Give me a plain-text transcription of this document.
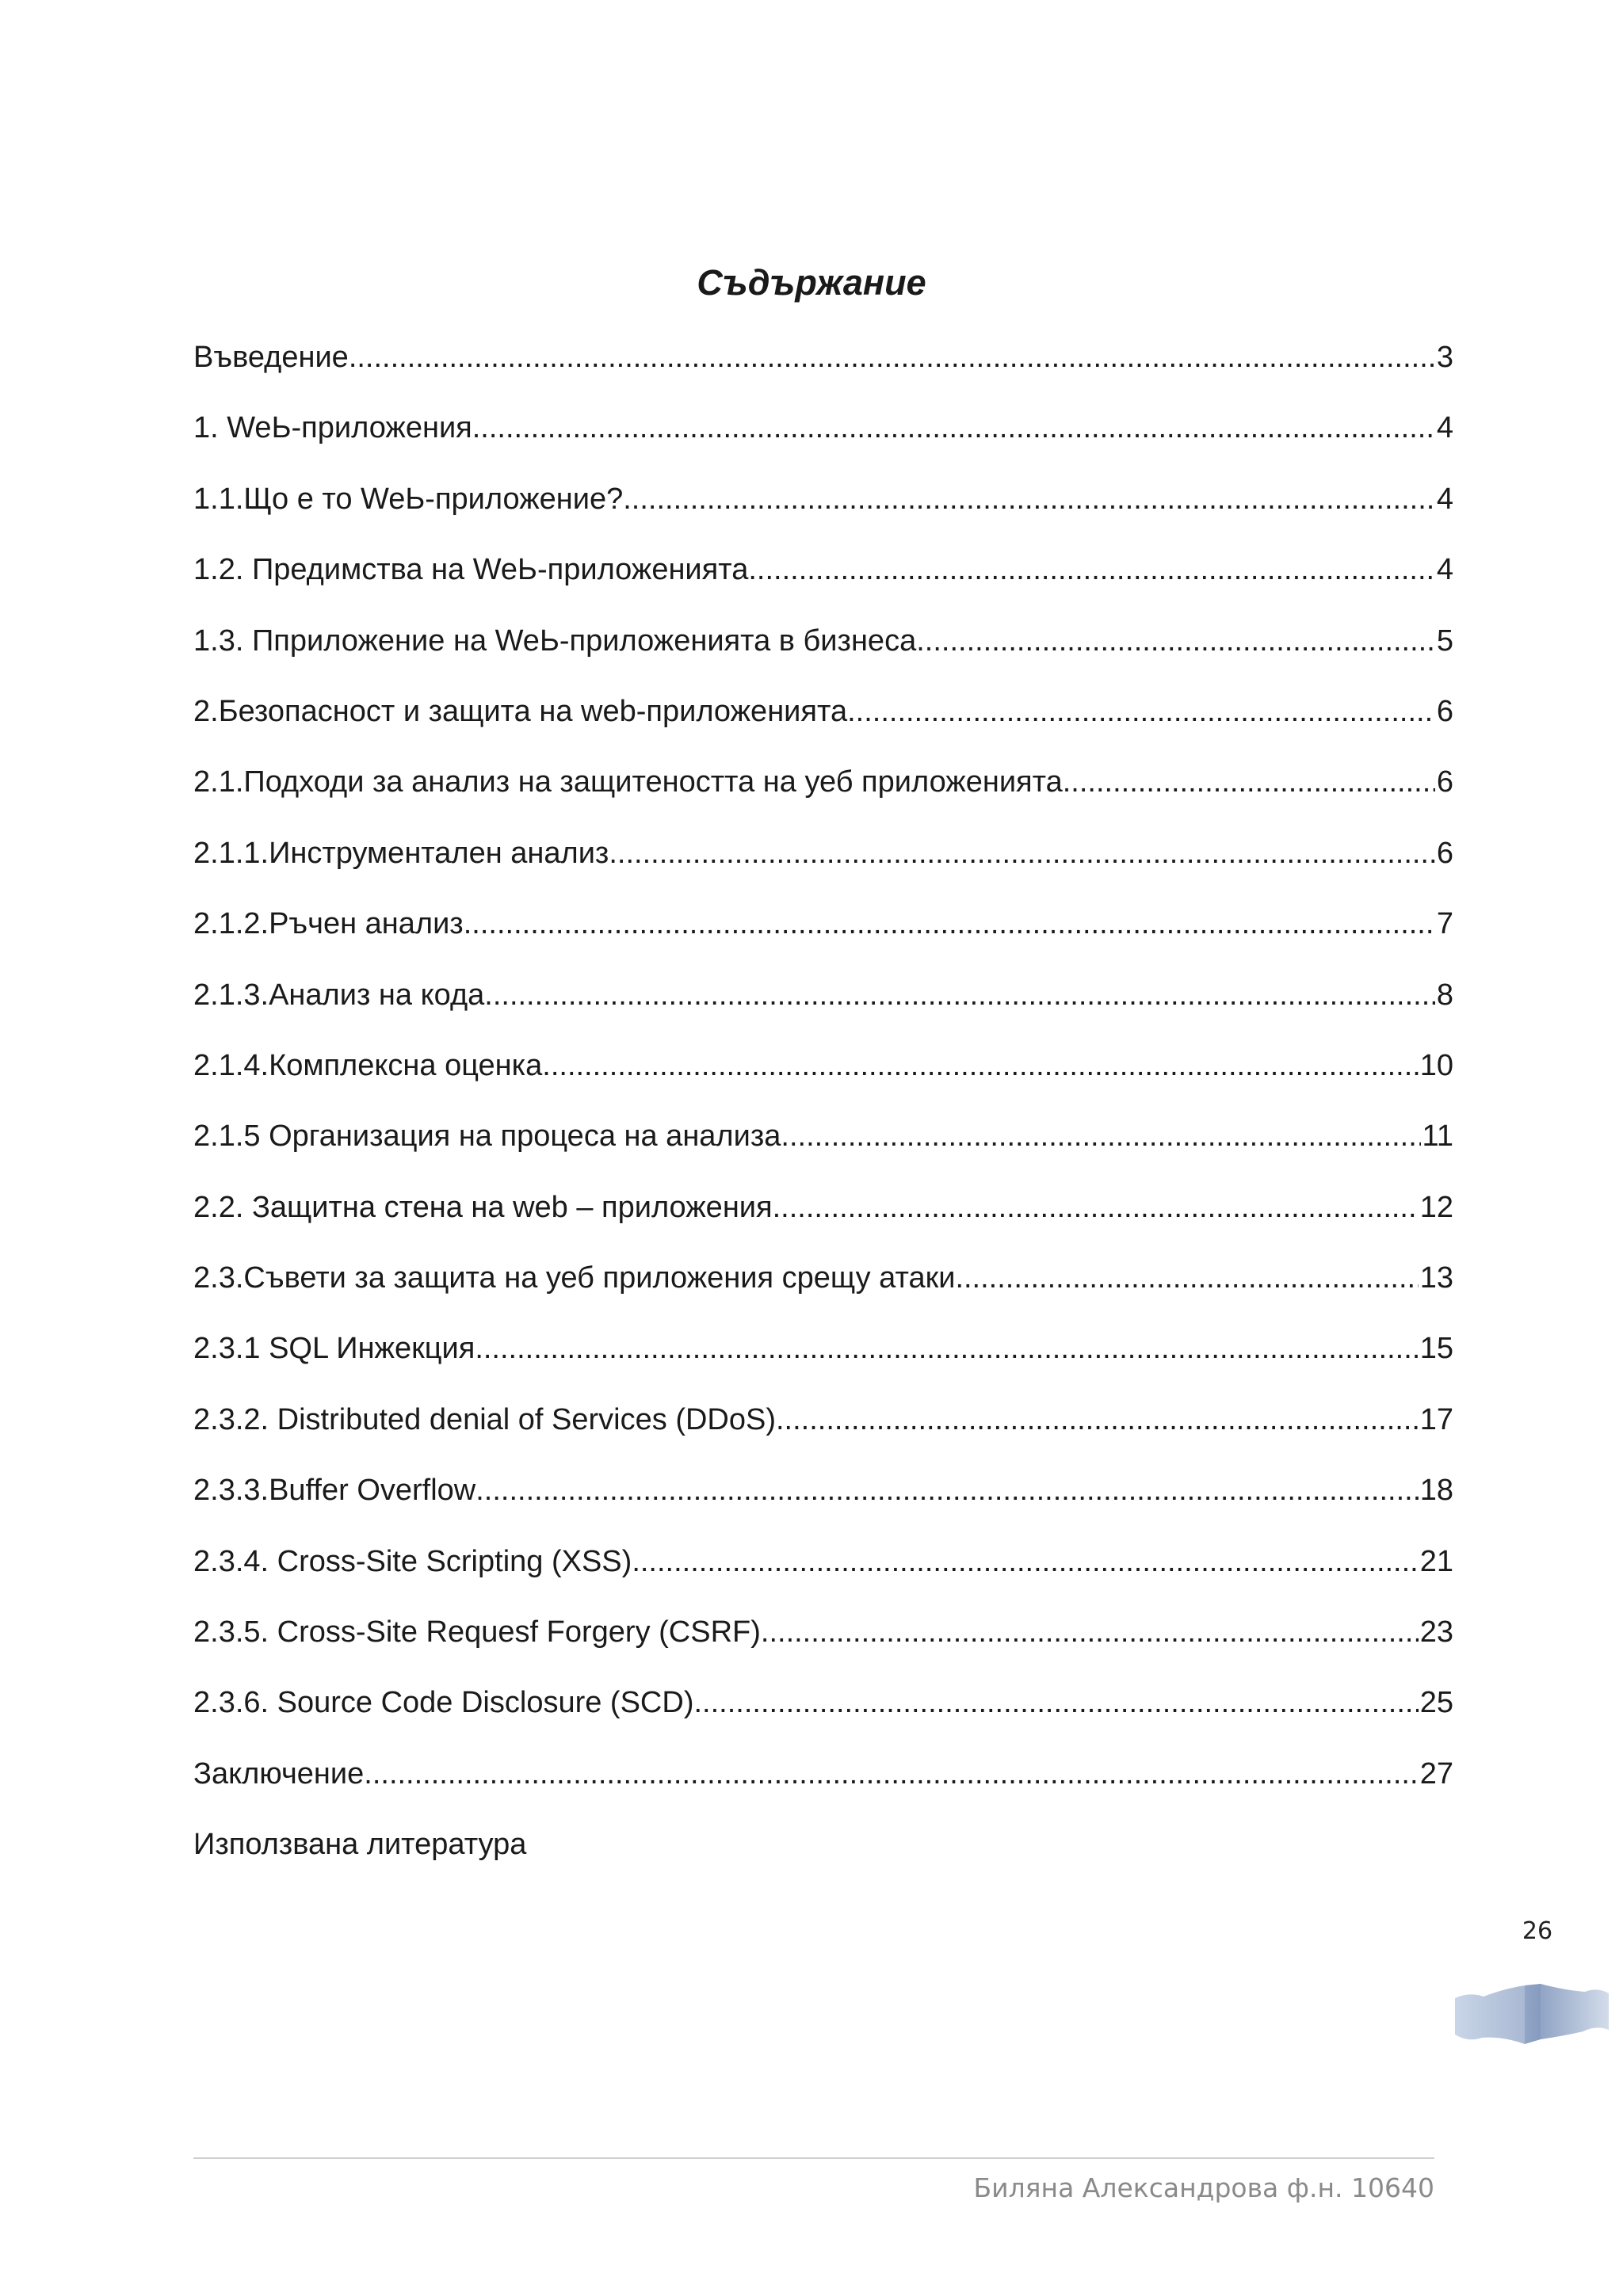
Съдържание
Въведение .....	3
1. WeЬ-приложения .....	4
1.1.Що е то WeЬ-приложение? .....	4
1.2. Предимства на WeЬ-приложенията .....	4
1.3. Пприложение на WeЬ-приложенията в бизнеса .....	5
2.Безопасност и защита на web-приложенията .....	6
2.1.Подходи за анализ на защитеността на уеб приложенията .....	6
2.1.1.Инструментален анализ .....	6
2.1.2.Ръчен анализ .....	7
2.1.3.Анализ на кода .....	8
2.1.4.Комплексна оценка .....	10
2.1.5 Организация на процеса на анализа .....	11
2.2. Защитна стена на web – приложения .....	12
2.3.Съвети за защита на уеб приложения срещу атаки .....	13
2.3.1 SQL Инжекция .....	15
2.3.2. Distributed denial of Services (DDoS) .....	17
2.3.3.Buffer Overflow .....	18
2.3.4. Cross-Site Scripting (XSS) .....	21
2.3.5. Cross-Site Requesf Forgery (CSRF) .....	23
2.3.6. Source Code Disclosure (SCD) .....	25
Заключение .....	27
Използвана литература
26
Биляна Александрова ф.н. 10640
